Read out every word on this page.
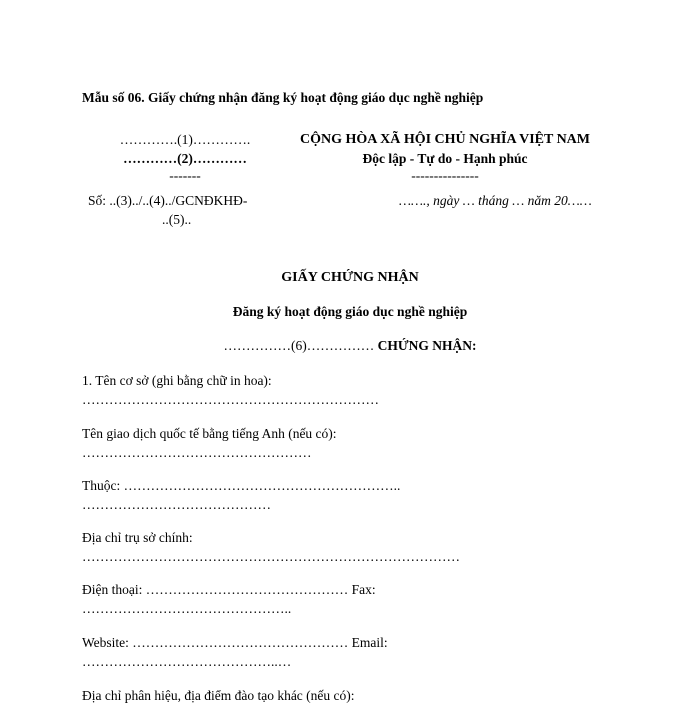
Mẫu số 06. Giấy chứng nhận đăng ký hoạt động giáo dục nghề nghiệp
………….(1)………….
…………(2)…………
-------
CỘNG HÒA XÃ HỘI CHỦ NGHĨA VIỆT NAM
Độc lập - Tự do - Hạnh phúc
---------------
Số: ..(3)../..(4)../GCNĐKHĐ-
..(5)..
……., ngày … tháng … năm 20……
GIẤY CHỨNG NHẬN
Đăng ký hoạt động giáo dục nghề nghiệp
……………(6)…………… CHỨNG NHẬN:
1. Tên cơ sở (ghi bằng chữ in hoa):
…………………………………………………………
Tên giao dịch quốc tế bằng tiếng Anh (nếu có):
……………………………………………
Thuộc: ……………………………………………………..
……………………………………
Địa chỉ trụ sở chính:
…………………………………………………………………………
Điện thoại: ……………………………………… Fax:
………………………………………..
Website: ………………………………………… Email:
……………………………………..…
Địa chỉ phân hiệu, địa điểm đào tạo khác (nếu có):
